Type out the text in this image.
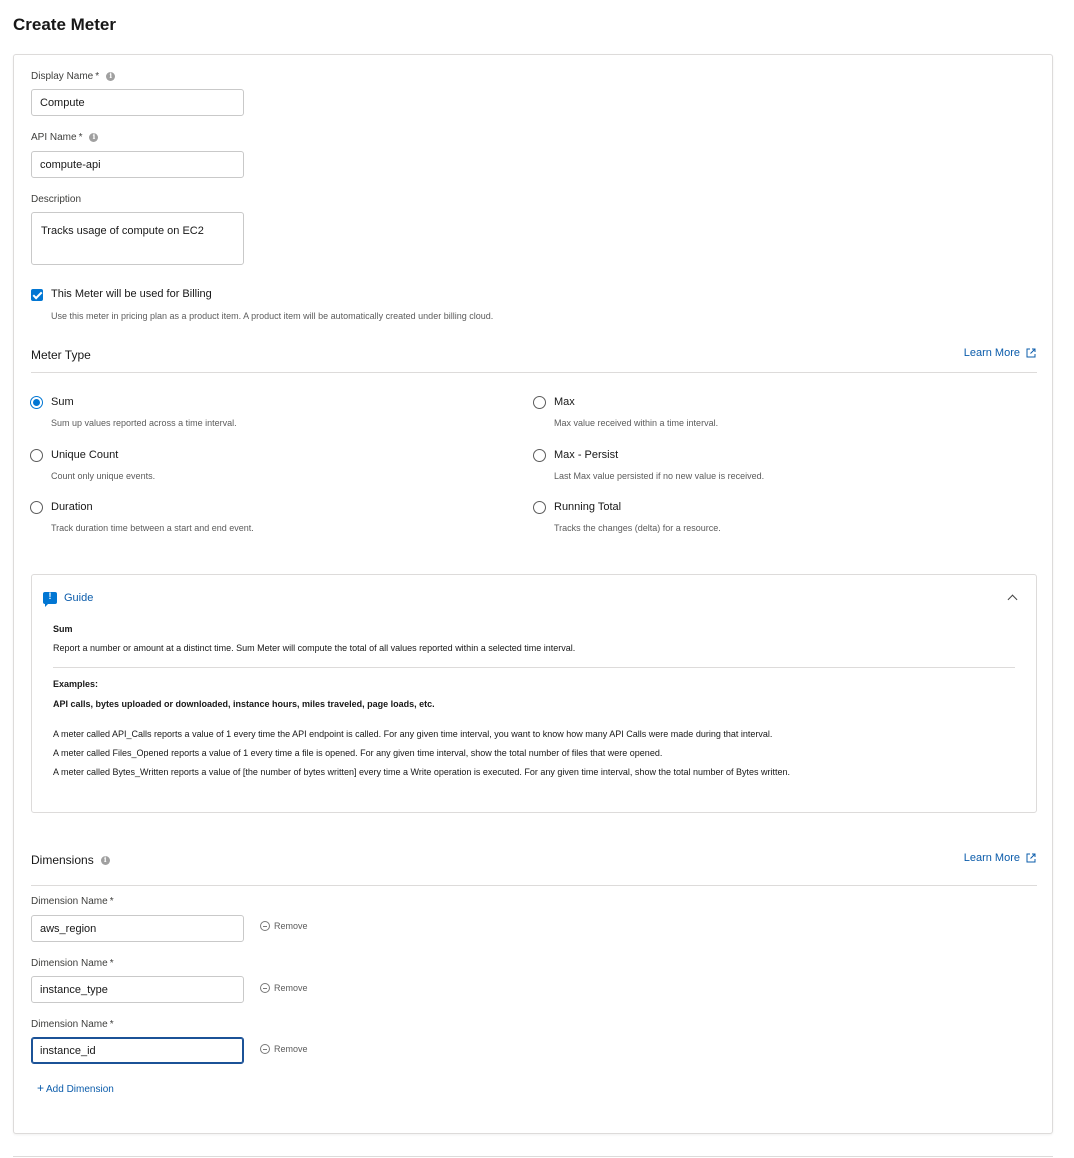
Create Meter
Display Name *
i
Compute
API Name *
i
compute-api
Description
Tracks usage of compute on EC2
This Meter will be used for Billing
Use this meter in pricing plan as a product item. A product item will be automatically created under billing cloud.
Meter Type	Learn More
Sum
Sum up values reported across a time interval.
Max
Max value received within a time interval.
Unique Count
Count only unique events.
Max - Persist
Last Max value persisted if no new value is received.
Duration
Track duration time between a start and end event.
Running Total
Tracks the changes (delta) for a resource.
!
Guide
Sum
Report a number or amount at a distinct time. Sum Meter will compute the total of all values reported within a selected time interval.
Examples:
API calls, bytes uploaded or downloaded, instance hours, miles traveled, page loads, etc.
A meter called API_Calls reports a value of 1 every time the API endpoint is called. For any given time interval, you want to know how many API Calls were made during that interval.
A meter called Files_Opened reports a value of 1 every time a file is opened. For any given time interval, show the total number of files that were opened.
A meter called Bytes_Written reports a value of [the number of bytes written] every time a Write operation is executed. For any given time interval, show the total number of Bytes written.
Dimensions
i	Learn More
Dimension Name *
aws_region	Remove
Dimension Name *
instance_type	Remove
Dimension Name *
instance_id	Remove
+ Add Dimension
